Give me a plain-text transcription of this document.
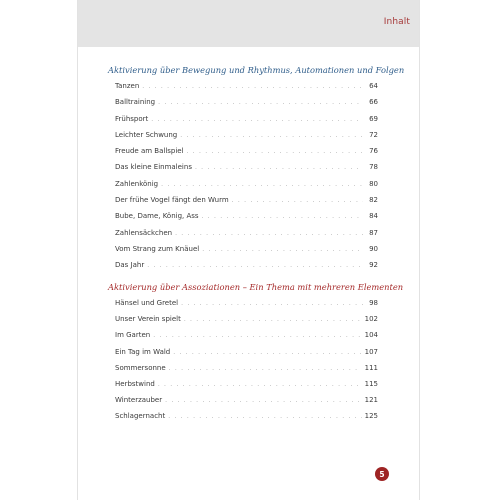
Inhalt
Aktivierung über Bewegung und Rhythmus, Automationen und Folgen
Tanzen . . .	64
Balltraining . . .	66
Frühsport . . .	69
Leichter Schwung . . .	72
Freude am Ballspiel . . .	76
Das kleine Einmaleins . . .	78
Zahlenkönig . . .	80
Der frühe Vogel fängt den Wurm . . .	82
Bube, Dame, König, Ass . . .	84
Zahlensäckchen . . .	87
Vom Strang zum Knäuel . . .	90
Das Jahr . . .	92
Aktivierung über Assoziationen – Ein Thema mit mehreren Elementen
Hänsel und Gretel . . .	98
Unser Verein spielt . . .	102
Im Garten . . .	104
Ein Tag im Wald . . .	107
Sommersonne . . .	111
Herbstwind . . .	115
Winterzauber . . .	121
Schlagernacht . . .	125
5
